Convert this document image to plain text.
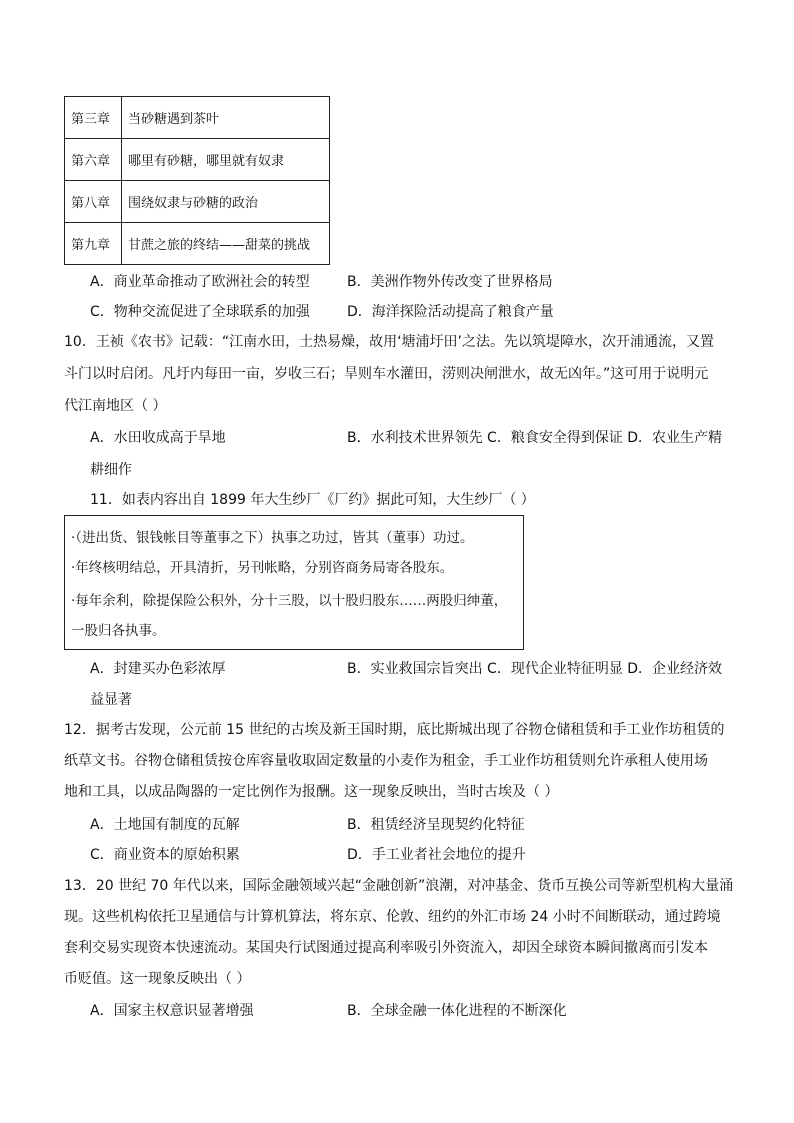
第三章	当砂糖遇到茶叶
第六章	哪里有砂糖，哪里就有奴隶
第八章	围绕奴隶与砂糖的政治
第九章	甘蔗之旅的终结——甜菜的挑战
A．商业革命推动了欧洲社会的转型	B．美洲作物外传改变了世界格局
C．物种交流促进了全球联系的加强	D．海洋探险活动提高了粮食产量
10．王祯《农书》记载：“江南水田，土热易燥，故用‘塘浦圩田’之法。先以筑堤障水，次开浦通流，又置
斗门以时启闭。凡圩内每田一亩，岁收三石；旱则车水灌田，涝则决闸泄水，故无凶年。”这可用于说明元
代江南地区（ ）
A．水田收成高于旱地	B．水利技术世界领先 C．粮食安全得到保证 D．农业生产精
耕细作
11．如表内容出自 1899 年大生纱厂《厂约》据此可知，大生纱厂（ ）
·（进出货、银钱帐目等董事之下）执事之功过，皆其（董事）功过。
·年终核明结总，开具清折，另刊帐略，分别咨商务局寄各股东。
·每年余利，除提保险公积外，分十三股，以十股归股东……两股归绅董，
一股归各执事。
A．封建买办色彩浓厚	B．实业救国宗旨突出 C．现代企业特征明显 D．企业经济效
益显著
12．据考古发现，公元前 15 世纪的古埃及新王国时期，底比斯城出现了谷物仓储租赁和手工业作坊租赁的
纸草文书。谷物仓储租赁按仓库容量收取固定数量的小麦作为租金，手工业作坊租赁则允许承租人使用场
地和工具，以成品陶器的一定比例作为报酬。这一现象反映出，当时古埃及（ ）
A．土地国有制度的瓦解	B．租赁经济呈现契约化特征
C．商业资本的原始积累	D．手工业者社会地位的提升
13．20 世纪 70 年代以来，国际金融领域兴起“金融创新”浪潮，对冲基金、货币互换公司等新型机构大量涌
现。这些机构依托卫星通信与计算机算法，将东京、伦敦、纽约的外汇市场 24 小时不间断联动，通过跨境
套利交易实现资本快速流动。某国央行试图通过提高利率吸引外资流入，却因全球资本瞬间撤离而引发本
币贬值。这一现象反映出（ ）
A．国家主权意识显著增强	B．全球金融一体化进程的不断深化
